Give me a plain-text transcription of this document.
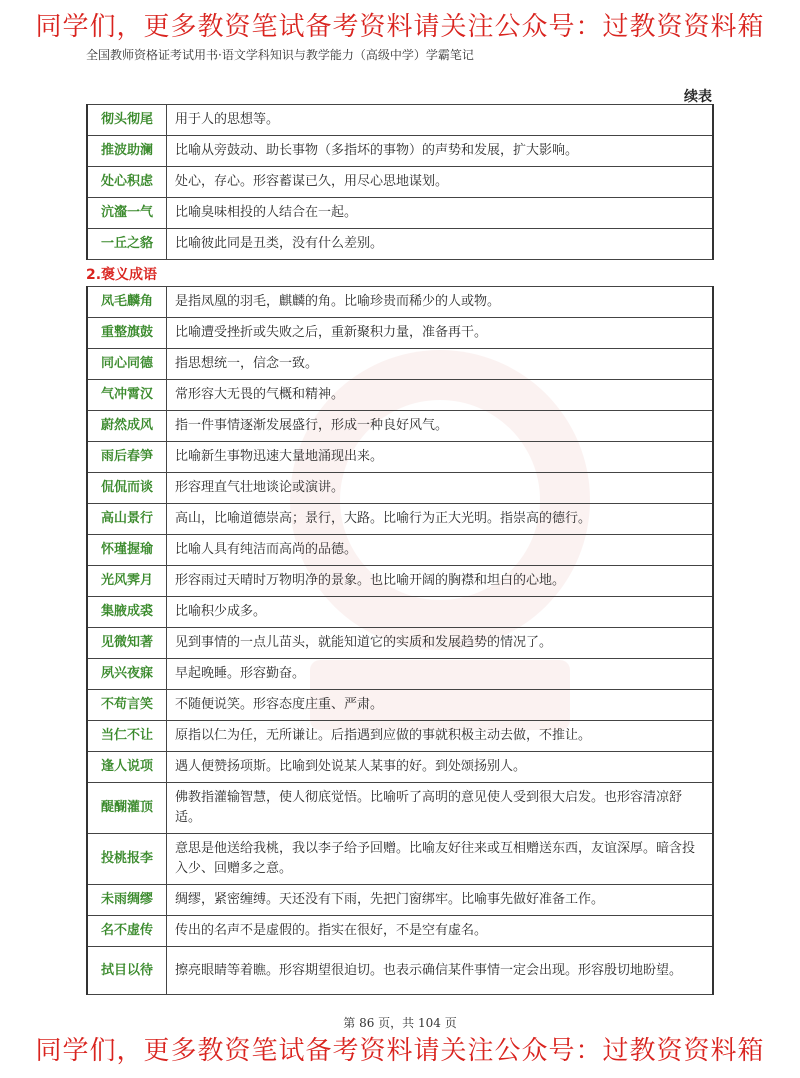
同学们，更多教资笔试备考资料请关注公众号：过教资资料箱
全国教师资格证考试用书·语文学科知识与教学能力（高级中学）学霸笔记
续表
彻头彻尾	用于人的思想等。
推波助澜	比喻从旁鼓动、助长事物（多指坏的事物）的声势和发展，扩大影响。
处心积虑	处心，存心。形容蓄谋已久，用尽心思地谋划。
沆瀣一气	比喻臭味相投的人结合在一起。
一丘之貉	比喻彼此同是丑类，没有什么差别。
2.褒义成语
凤毛麟角	是指凤凰的羽毛，麒麟的角。比喻珍贵而稀少的人或物。
重整旗鼓	比喻遭受挫折或失败之后，重新聚积力量，准备再干。
同心同德	指思想统一，信念一致。
气冲霄汉	常形容大无畏的气概和精神。
蔚然成风	指一件事情逐渐发展盛行，形成一种良好风气。
雨后春笋	比喻新生事物迅速大量地涌现出来。
侃侃而谈	形容理直气壮地谈论或演讲。
高山景行	高山，比喻道德崇高；景行，大路。比喻行为正大光明。指崇高的德行。
怀瑾握瑜	比喻人具有纯洁而高尚的品德。
光风霁月	形容雨过天晴时万物明净的景象。也比喻开阔的胸襟和坦白的心地。
集腋成裘	比喻积少成多。
见微知著	见到事情的一点儿苗头，就能知道它的实质和发展趋势的情况了。
夙兴夜寐	早起晚睡。形容勤奋。
不苟言笑	不随便说笑。形容态度庄重、严肃。
当仁不让	原指以仁为任，无所谦让。后指遇到应做的事就积极主动去做，不推让。
逢人说项	遇人便赞扬项斯。比喻到处说某人某事的好。到处颂扬别人。
醍醐灌顶	佛教指灌输智慧，使人彻底觉悟。比喻听了高明的意见使人受到很大启发。也形容清凉舒适。
投桃报李	意思是他送给我桃，我以李子给予回赠。比喻友好往来或互相赠送东西，友谊深厚。暗含投入少、回赠多之意。
未雨绸缪	绸缪，紧密缠缚。天还没有下雨，先把门窗绑牢。比喻事先做好准备工作。
名不虚传	传出的名声不是虚假的。指实在很好，不是空有虚名。
拭目以待	擦亮眼睛等着瞧。形容期望很迫切。也表示确信某件事情一定会出现。形容殷切地盼望。
第 86 页，共 104 页
同学们，更多教资笔试备考资料请关注公众号：过教资资料箱
